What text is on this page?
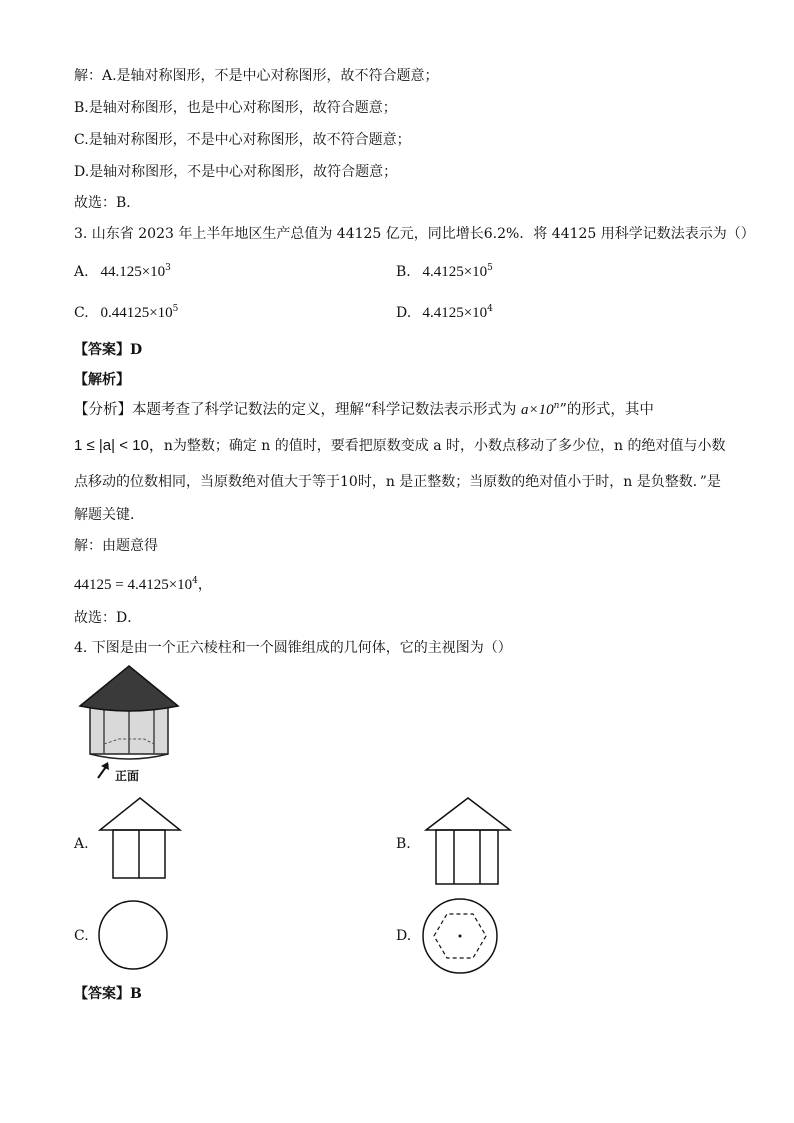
解：A.是轴对称图形，不是中心对称图形，故不符合题意；
B.是轴对称图形，也是中心对称图形，故符合题意；
C.是轴对称图形，不是中心对称图形，故不符合题意；
D.是轴对称图形，不是中心对称图形，故符合题意；
故选：B．
3. 山东省 2023 年上半年地区生产总值为 44125 亿元，同比增长6.2%．将 44125 用科学记数法表示为（）
A. $44.125\times 10^3$	B. $4.4125\times 10^5$
C. $0.44125\times 10^5$	D. $4.4125\times 10^4$
【答案】D
【解析】
【分析】本题考查了科学记数法的定义，理解“科学记数法表示形式为 $a\times 10^n$”的形式，其中
1 ≤ |a| < 10，n为整数；确定 n 的值时，要看把原数变成 a 时，小数点移动了多少位，n 的绝对值与小数
点移动的位数相同，当原数绝对值大于等于10时，n 是正整数；当原数的绝对值小于时，n 是负整数．”是
解题关键．
解：由题意得
$44125 = 4.4125\times 10^4$，
故选：D．
4. 下图是由一个正六棱柱和一个圆锥组成的几何体，它的主视图为（）
正面
A.	B.
C.	D.
【答案】B
